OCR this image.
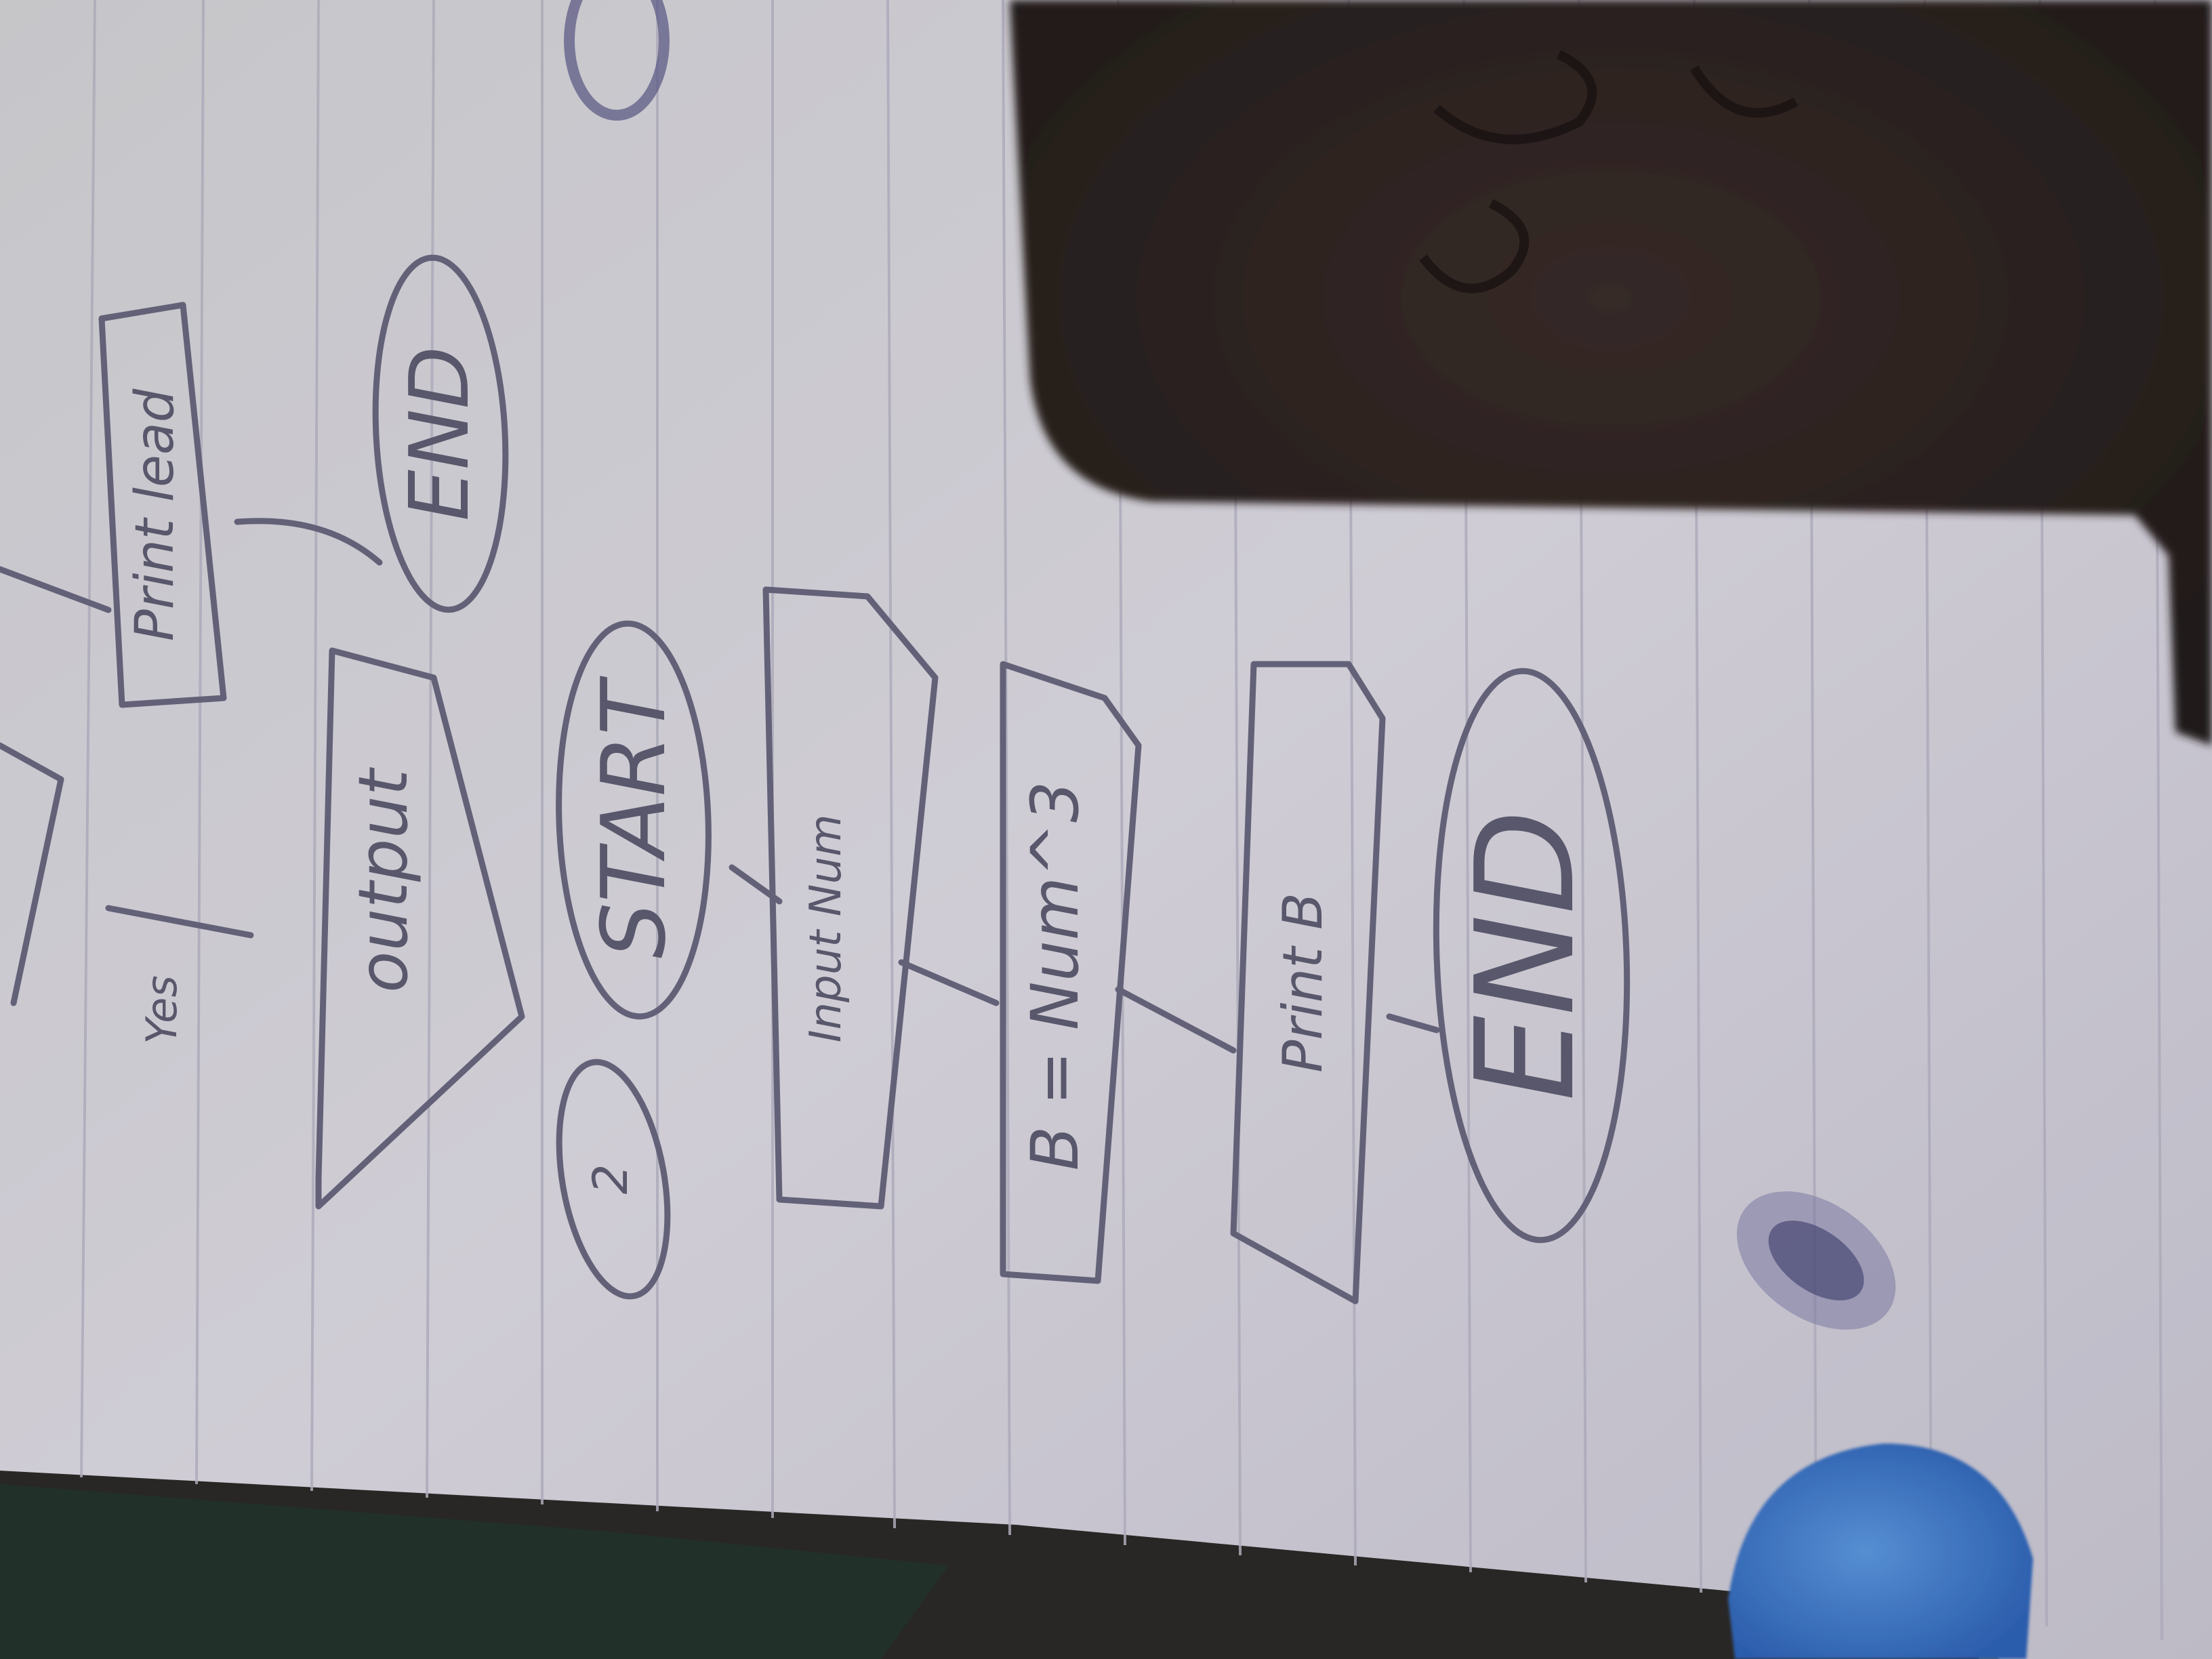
Print lead
output
END
2
Yes
START	Input Num	B = Num^3	Print B END
